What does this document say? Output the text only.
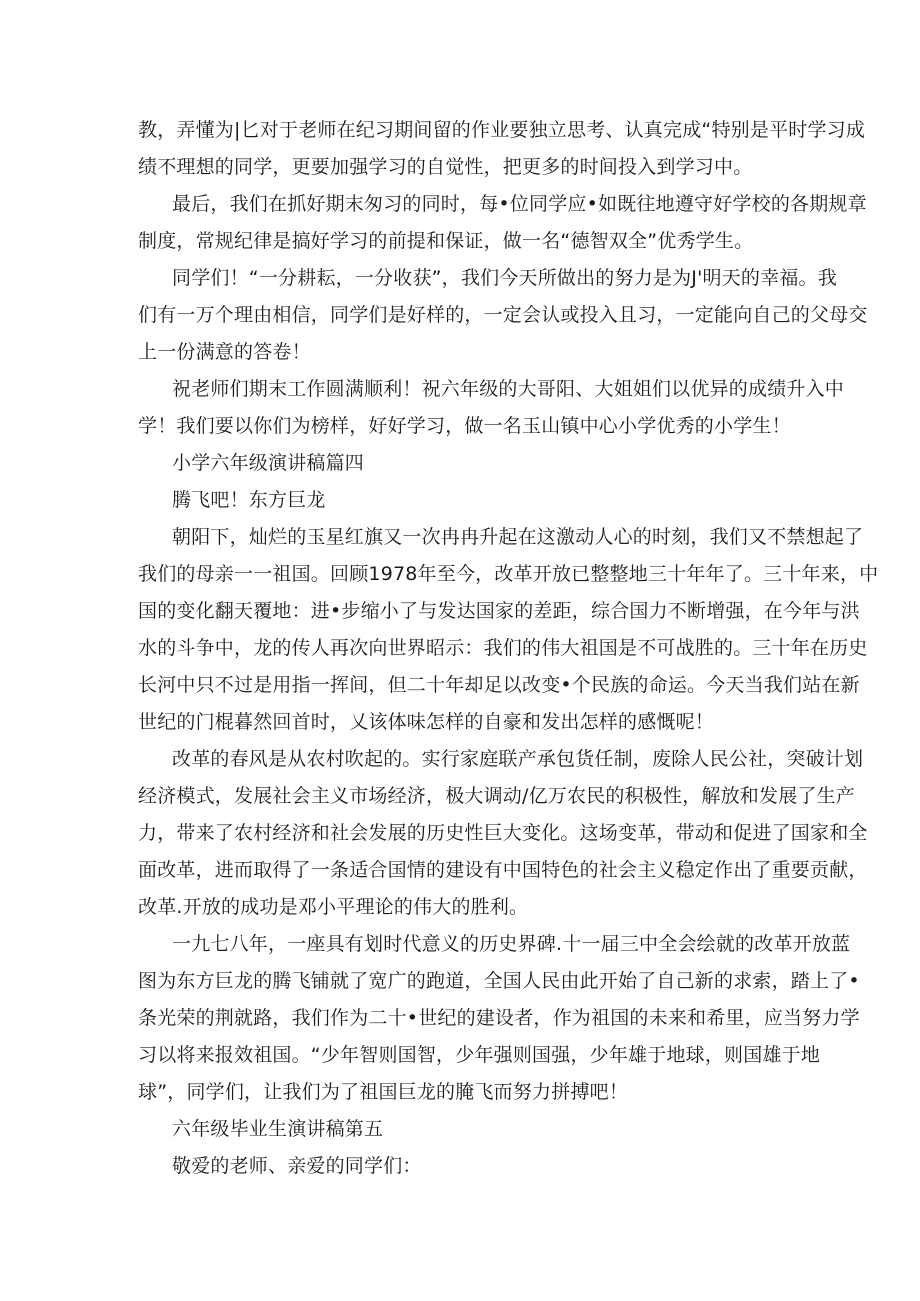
教，弄懂为|匕对于老师在纪习期间留的作业要独立思考、认真完成“特别是平时学习成
绩不理想的同学，更要加强学习的自觉性，把更多的时间投入到学习中。
最后，我们在抓好期末匆习的同时，每•位同学应•如既往地遵守好学校的各期规章
制度，常规纪律是搞好学习的前提和保证，做一名“德智双全”优秀学生。
同学们！“一分耕耘，一分收获”，我们今天所做出的努力是为J'明天的幸福。我
们有一万个理由相信，同学们是好样的，一定会认或投入且习，一定能向自己的父母交
上一份满意的答卷！
祝老师们期末工作圆满顺利！祝六年级的大哥阳、大姐姐们以优异的成绩升入中
学！我们要以你们为榜样，好好学习，做一名玉山镇中心小学优秀的小学生！
小学六年级演讲稿篇四
腾飞吧！东方巨龙
朝阳下，灿烂的玉星红旗又一次冉冉升起在这激动人心的时刻，我们又不禁想起了
我们的母亲一一祖国。回顾1978年至今，改革开放已整整地三十年年了。三十年来，中
国的变化翻天覆地：进•步缩小了与发达国家的差距，综合国力不断增强，在今年与洪
水的斗争中，龙的传人再次向世界昭示：我们的伟大祖国是不可战胜的。三十年在历史
长河中只不过是用指一挥间，但二十年却足以改变•个民族的命运。今天当我们站在新
世纪的门棍暮然回首时，乂该体味怎样的自豪和发出怎样的感慨呢！
改革的春风是从农村吹起的。实行家庭联产承包货任制，废除人民公社，突破计划
经济模式，发展社会主义市场经济，极大调动/亿万农民的积极性，解放和发展了生产
力，带来了农村经济和社会发展的历史性巨大变化。这场变革，带动和促进了国家和全
面改革，进而取得了一条适合国情的建设有中国特色的社会主义稳定作出了重要贡献，
改革.开放的成功是邓小平理论的伟大的胜利。
一九七八年，一座具有划时代意义的历史界碑.十一届三中全会绘就的改革开放蓝
图为东方巨龙的腾飞铺就了宽广的跑道，全国人民由此开始了自己新的求索，踏上了•
条光荣的荆就路，我们作为二十•世纪的建设者，作为祖国的未来和希里，应当努力学
习以将来报效祖国。“少年智则国智，少年强则国强，少年雄于地球，则国雄于地
球”，同学们，让我们为了祖国巨龙的腌飞而努力拼搏吧！
六年级毕业生演讲稿第五
敬爱的老师、亲爱的同学们：
